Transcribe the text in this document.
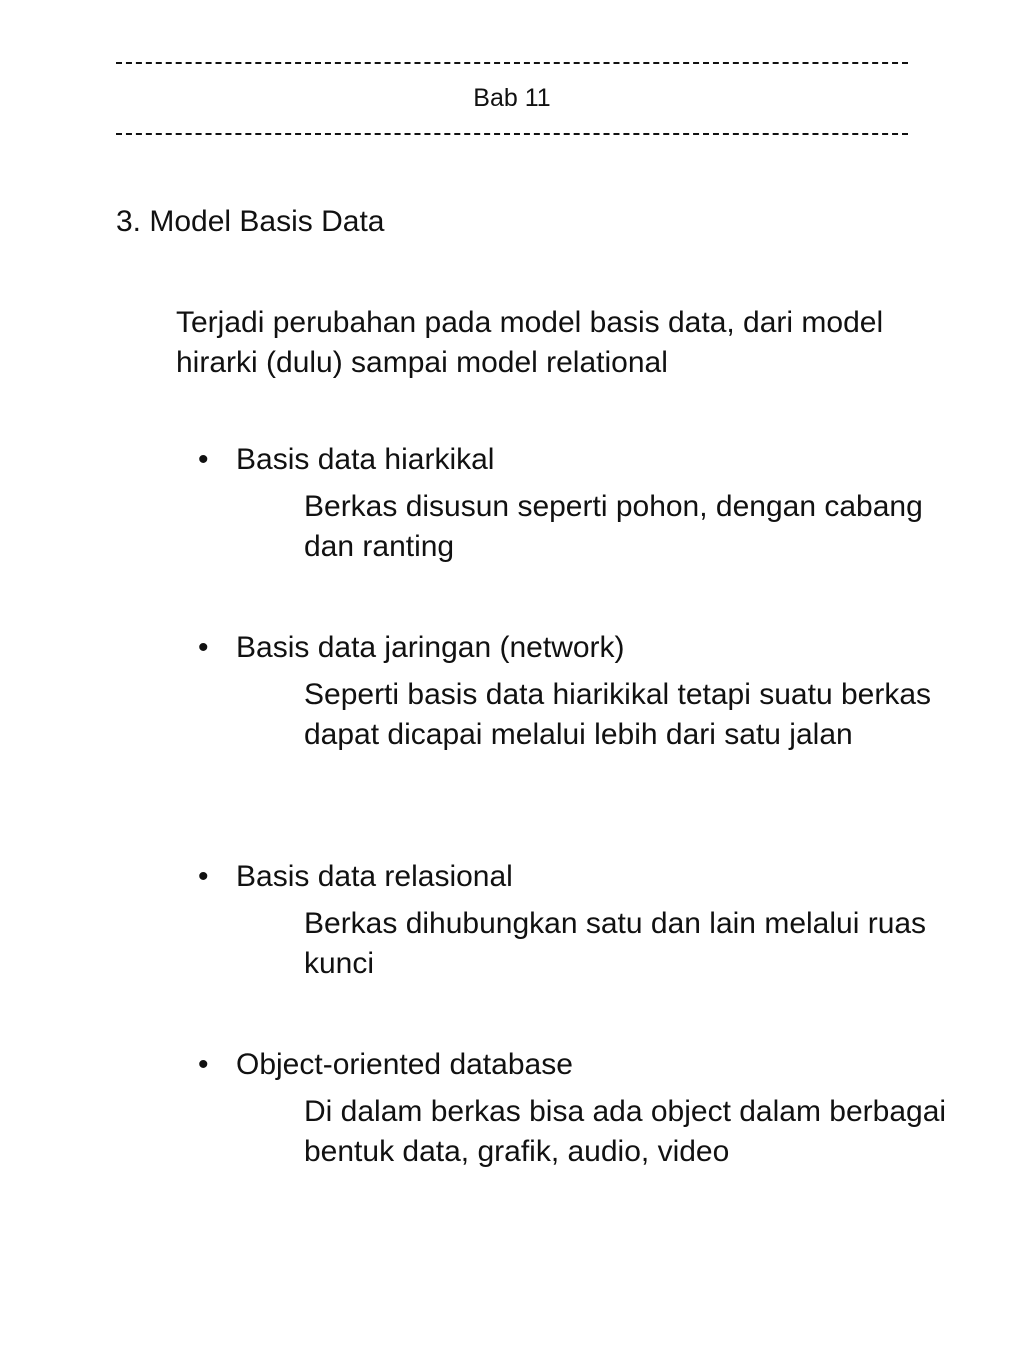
Bab 11
3. Model Basis Data
Terjadi perubahan pada model basis data, dari model hirarki (dulu) sampai model relational
• Basis data hiarkikal
Berkas disusun seperti pohon, dengan cabang dan ranting
• Basis data jaringan (network)
Seperti basis data hiarikikal tetapi suatu berkas dapat dicapai melalui lebih dari satu jalan
• Basis data relasional
Berkas dihubungkan satu dan lain melalui ruas kunci
• Object-oriented database
Di dalam berkas bisa ada object dalam berbagai bentuk data, grafik, audio, video
